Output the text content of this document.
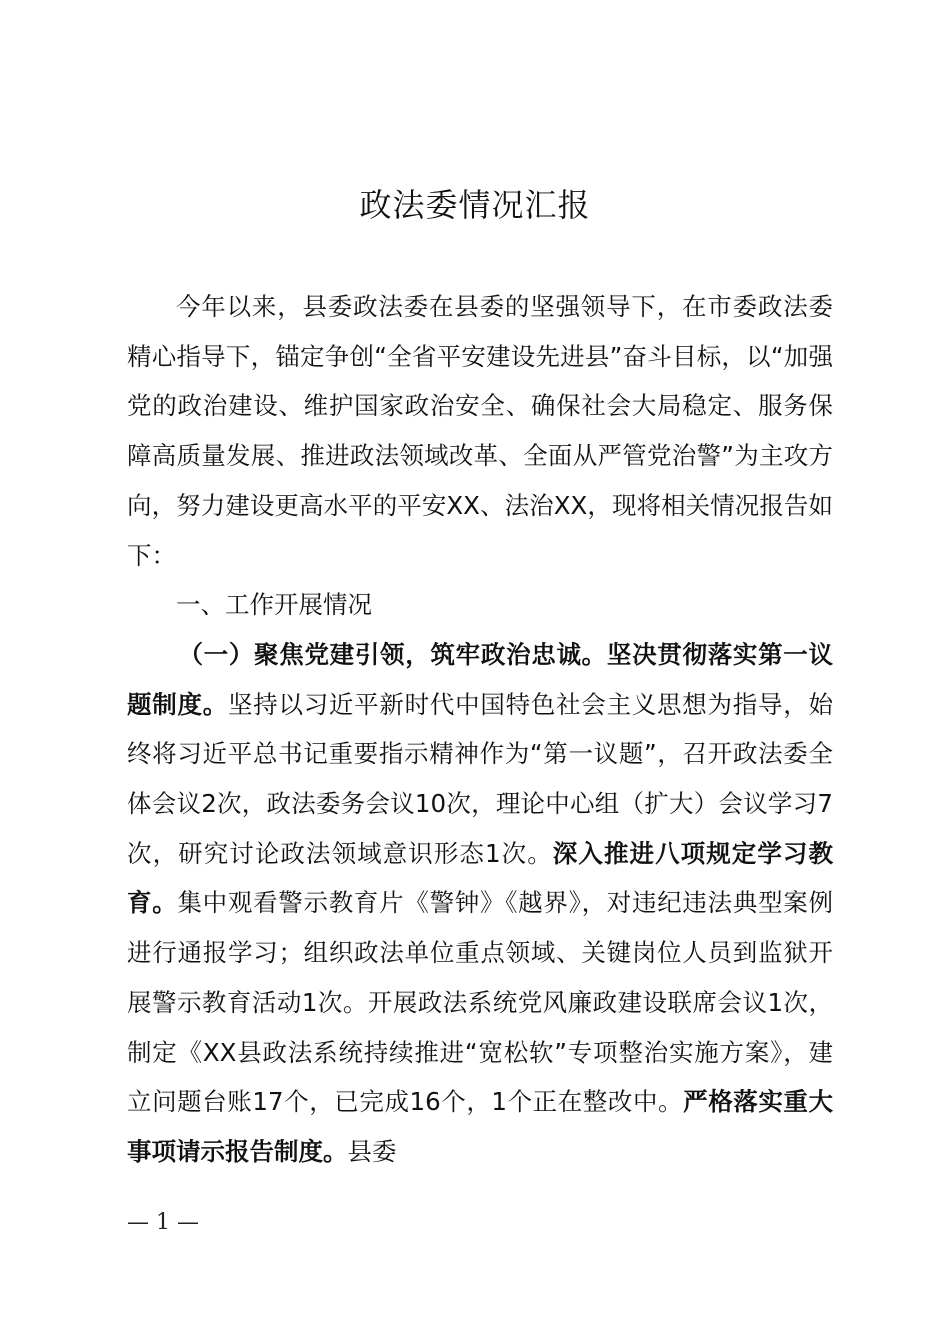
政法委情况汇报

今年以来，县委政法委在县委的坚强领导下，在市委政法委精心指导下，锚定争创“全省平安建设先进县”奋斗目标，以“加强党的政治建设、维护国家政治安全、确保社会大局稳定、服务保障高质量发展、推进政法领域改革、全面从严管党治警”为主攻方向，努力建设更高水平的平安XX、法治XX，现将相关情况报告如下：

一、工作开展情况

（一）聚焦党建引领，筑牢政治忠诚。坚决贯彻落实第一议题制度。坚持以习近平新时代中国特色社会主义思想为指导，始终将习近平总书记重要指示精神作为“第一议题”，召开政法委全体会议2次，政法委务会议10次，理论中心组（扩大）会议学习7次，研究讨论政法领域意识形态1次。深入推进八项规定学习教育。集中观看警示教育片《警钟》《越界》，对违纪违法典型案例进行通报学习；组织政法单位重点领域、关键岗位人员到监狱开展警示教育活动1次。开展政法系统党风廉政建设联席会议1次，制定《XX县政法系统持续推进“宽松软”专项整治实施方案》，建立问题台账17个，已完成16个，1个正在整改中。严格落实重大事项请示报告制度。县委

— 1 —
